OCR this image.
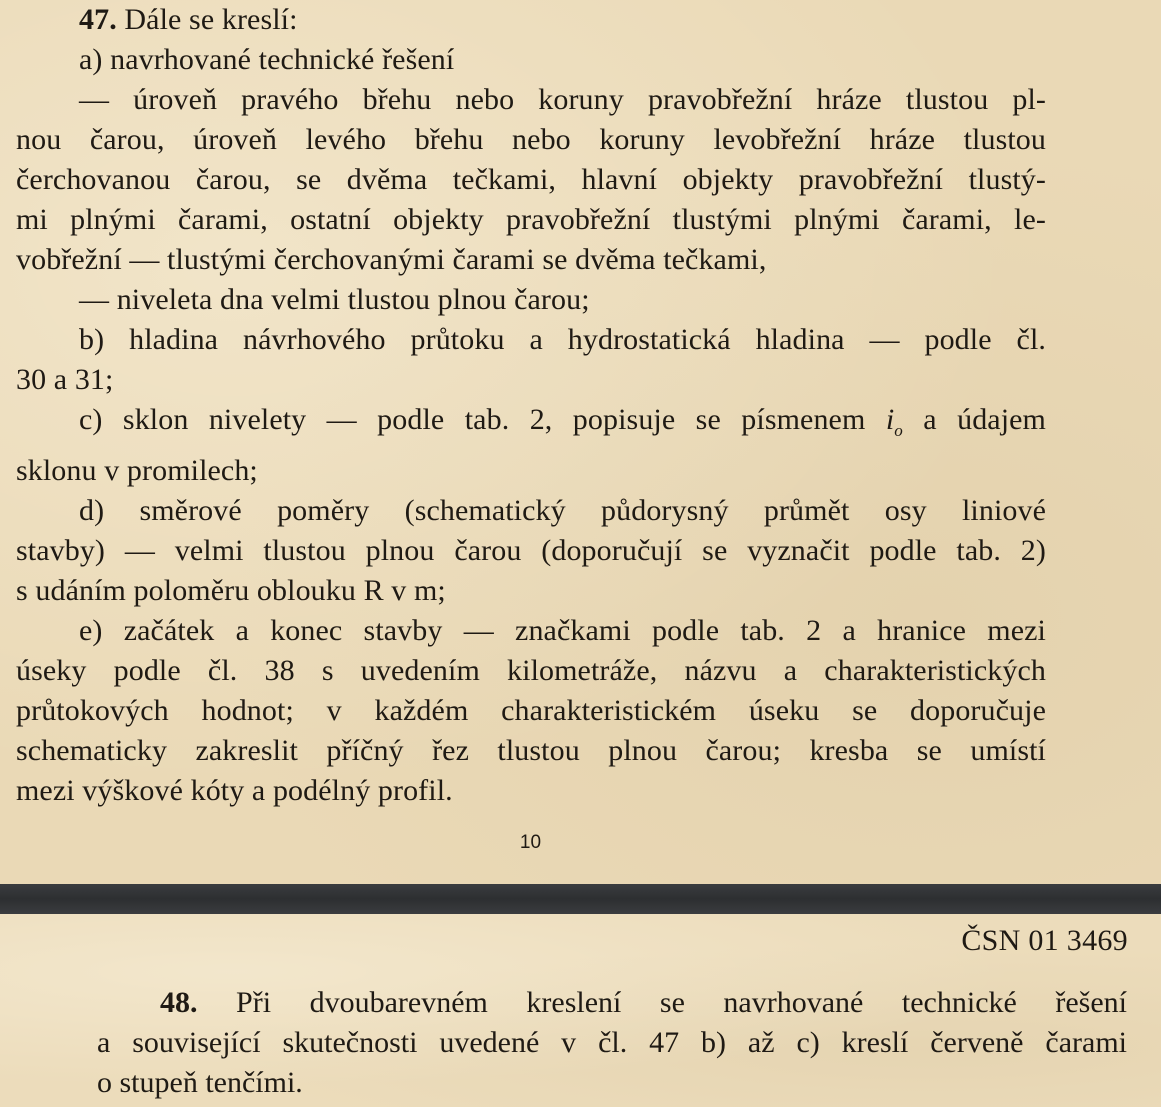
47. Dále se kreslí:
a) navrhované technické řešení
— úroveň pravého břehu nebo koruny pravobřežní hráze tlustou pl-
nou čarou, úroveň levého břehu nebo koruny levobřežní hráze tlustou
čerchovanou čarou, se dvěma tečkami, hlavní objekty pravobřežní tlustý-
mi plnými čarami, ostatní objekty pravobřežní tlustými plnými čarami, le-
vobřežní — tlustými čerchovanými čarami se dvěma tečkami,
— niveleta dna velmi tlustou plnou čarou;
b) hladina návrhového průtoku a hydrostatická hladina — podle čl.
30 a 31;
c) sklon nivelety — podle tab. 2, popisuje se písmenem $i_o$ a údajem
sklonu v promilech;
d) směrové poměry (schematický půdorysný průmět osy liniové
stavby) — velmi tlustou plnou čarou (doporučují se vyznačit podle tab. 2)
s udáním poloměru oblouku R v m;
e) začátek a konec stavby — značkami podle tab. 2 a hranice mezi
úseky podle čl. 38 s uvedením kilometráže, názvu a charakteristických
průtokových hodnot; v každém charakteristickém úseku se doporučuje
schematicky zakreslit příčný řez tlustou plnou čarou; kresba se umístí
mezi výškové kóty a podélný profil.
10
ČSN 01 3469
48. Při dvoubarevném kreslení se navrhované technické řešení
a související skutečnosti uvedené v čl. 47 b) až c) kreslí červeně čarami
o stupeň tenčími.
